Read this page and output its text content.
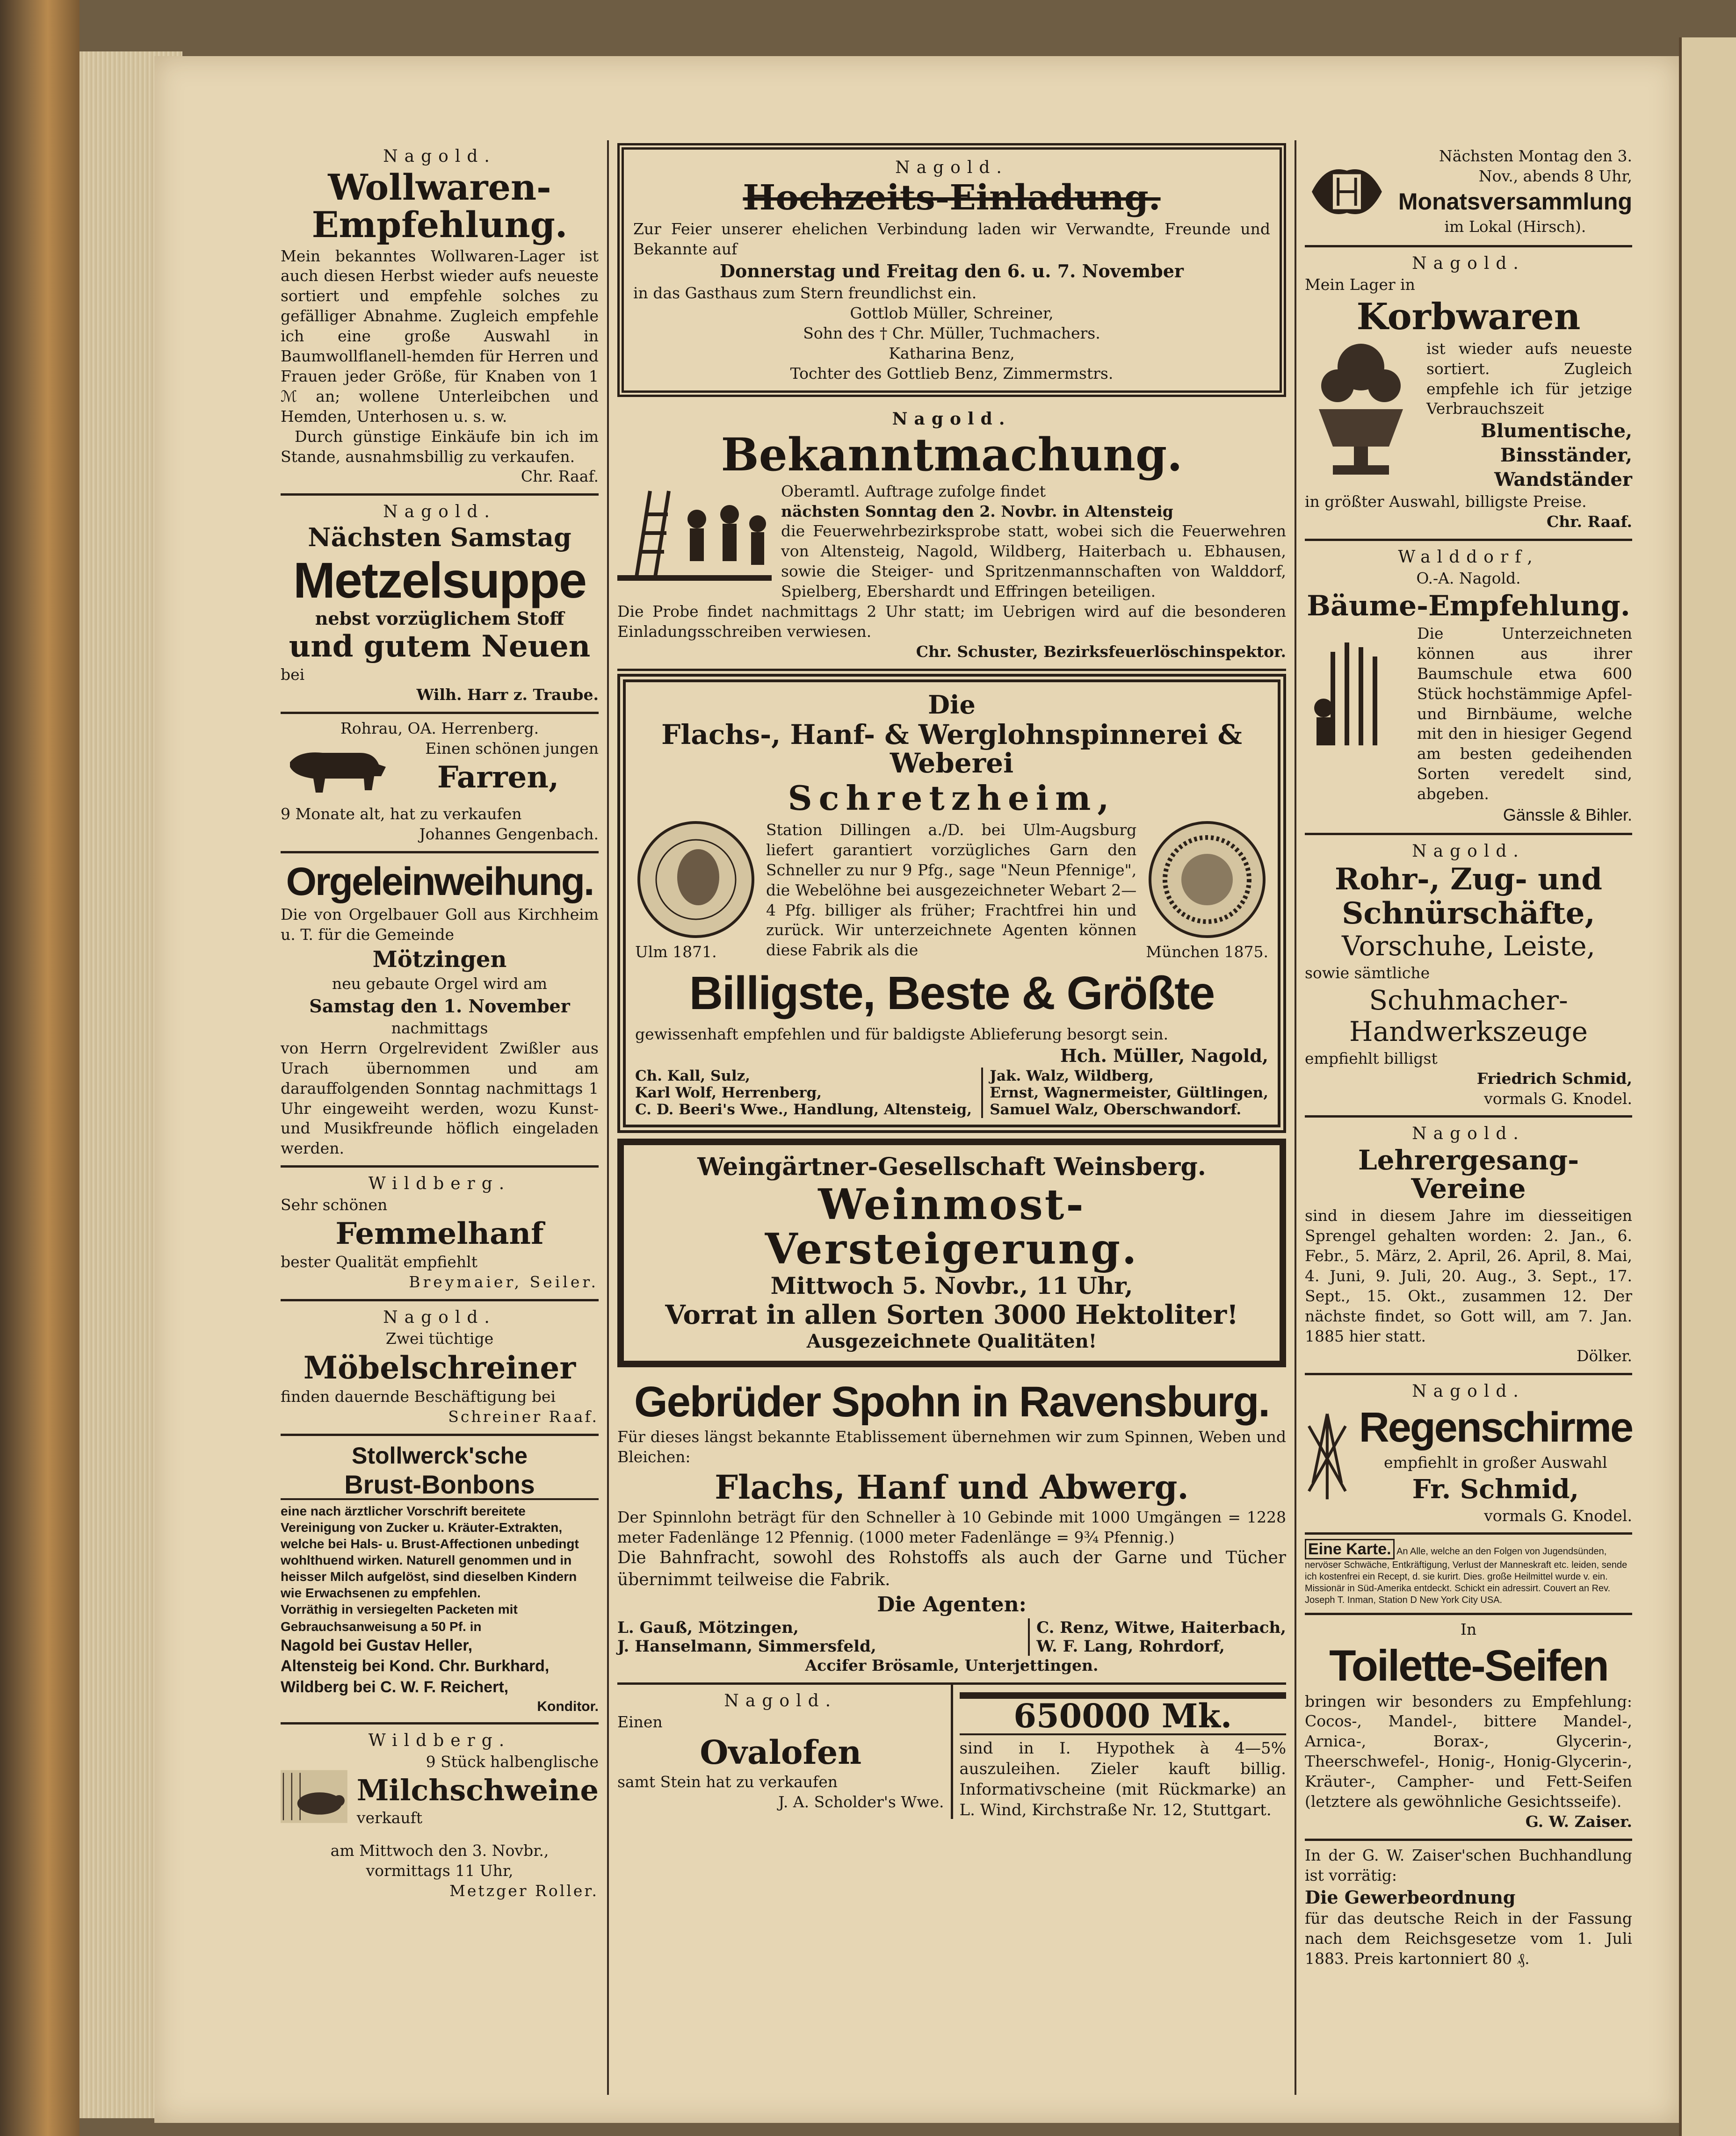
Nagold.
Wollwaren-Empfehlung.
Mein bekanntes Wollwaren-Lager ist auch diesen Herbst wieder aufs neueste sortiert und empfehle solches zu gefälliger Abnahme. Zugleich empfehle ich eine große Auswahl in Baumwollflanell-hemden für Herren und Frauen jeder Größe, für Knaben von 1 ℳ an; wollene Unterleibchen und Hemden, Unterhosen u. s. w.
Durch günstige Einkäufe bin ich im Stande, ausnahmsbillig zu verkaufen.
Chr. Raaf.
Nagold.
Nächsten Samstag
Metzelsuppe
nebst vorzüglichem Stoff
und gutem Neuen
bei
Wilh. Harr z. Traube.
Rohrau, OA. Herrenberg.
Einen schönen jungen
Farren,
9 Monate alt, hat zu verkaufen
Johannes Gengenbach.
Orgeleinweihung.
Die von Orgelbauer Goll aus Kirchheim u. T. für die Gemeinde
Mötzingen
neu gebaute Orgel wird am
Samstag den 1. November
nachmittags
von Herrn Orgelrevident Zwißler aus Urach übernommen und am darauffolgenden Sonntag nachmittags 1 Uhr eingeweiht werden, wozu Kunst- und Musikfreunde höflich eingeladen werden.
Wildberg.
Sehr schönen
Femmelhanf
bester Qualität empfiehlt
Breymaier, Seiler.
Nagold.
Zwei tüchtige
Möbelschreiner
finden dauernde Beschäftigung bei
Schreiner Raaf.
Stollwerck'sche
Brust-Bonbons
eine nach ärztlicher Vorschrift bereitete Vereinigung von Zucker u. Kräuter-Extrakten, welche bei Hals- u. Brust-Affectionen unbedingt wohlthuend wirken. Naturell genommen und in heisser Milch aufgelöst, sind dieselben Kindern wie Erwachsenen zu empfehlen.
Vorräthig in versiegelten Packeten mit Gebrauchsanweisung a 50 Pf. in
Nagold bei Gustav Heller,
Altensteig bei Kond. Chr. Burkhard,
Wildberg bei C. W. F. Reichert,
Konditor.
Wildberg.
9 Stück halbenglische
Milchschweine
verkauft
am Mittwoch den 3. Novbr.,
vormittags 11 Uhr,
Metzger Roller.
Nagold.
Hochzeits-Einladung.
Zur Feier unserer ehelichen Verbindung laden wir Verwandte, Freunde und Bekannte auf
Donnerstag und Freitag den 6. u. 7. November
in das Gasthaus zum Stern freundlichst ein.
Gottlob Müller, Schreiner,
Sohn des † Chr. Müller, Tuchmachers.
Katharina Benz,
Tochter des Gottlieb Benz, Zimmermstrs.
Nagold.
Bekanntmachung.
Oberamtl. Auftrage zufolge findet
nächsten Sonntag den 2. Novbr. in Altensteig
die Feuerwehrbezirksprobe statt, wobei sich die Feuerwehren von Altensteig, Nagold, Wildberg, Haiterbach u. Ebhausen, sowie die Steiger- und Spritzenmannschaften von Walddorf, Spielberg, Ebershardt und Effringen beteiligen.
Die Probe findet nachmittags 2 Uhr statt; im Uebrigen wird auf die besonderen Einladungsschreiben verwiesen.
Chr. Schuster, Bezirksfeuerlöschinspektor.
Die
Flachs-, Hanf- & Werglohnspinnerei & Weberei
Schretzheim,
Ulm 1871.
Station Dillingen a./D. bei Ulm-Augsburg liefert garantiert vorzügliches Garn den Schneller zu nur 9 Pfg., sage "Neun Pfennige", die Webelöhne bei ausgezeichneter Webart 2—4 Pfg. billiger als früher; Frachtfrei hin und zurück. Wir unterzeichnete Agenten können diese Fabrik als die	München 1875.
Billigste, Beste & Größte
gewissenhaft empfehlen und für baldigste Ablieferung besorgt sein.
Hch. Müller, Nagold,
Ch. Kall, Sulz,
Karl Wolf, Herrenberg,
C. D. Beeri's Wwe., Handlung, Altensteig,
Jak. Walz, Wildberg,
Ernst, Wagnermeister, Gültlingen,
Samuel Walz, Oberschwandorf.
Weingärtner-Gesellschaft Weinsberg.
Weinmost-Versteigerung.
Mittwoch 5. Novbr., 11 Uhr,
Vorrat in allen Sorten 3000 Hektoliter!
Ausgezeichnete Qualitäten!
Gebrüder Spohn in Ravensburg.
Für dieses längst bekannte Etablissement übernehmen wir zum Spinnen, Weben und Bleichen:
Flachs, Hanf und Abwerg.
Der Spinnlohn beträgt für den Schneller à 10 Gebinde mit 1000 Umgängen = 1228 meter Fadenlänge 12 Pfennig. (1000 meter Fadenlänge = 9¾ Pfennig.)
Die Bahnfracht, sowohl des Rohstoffs als auch der Garne und Tücher übernimmt teilweise die Fabrik.
Die Agenten:
L. Gauß, Mötzingen,
J. Hanselmann, Simmersfeld,
C. Renz, Witwe, Haiterbach,
W. F. Lang, Rohrdorf,
Accifer Brösamle, Unterjettingen.
Nagold.
Einen
Ovalofen
samt Stein hat zu verkaufen
J. A. Scholder's Wwe.
650000 Mk.
sind in I. Hypothek à 4—5% auszuleihen. Zieler kauft billig. Informativscheine (mit Rückmarke) an L. Wind, Kirchstraße Nr. 12, Stuttgart.
Nächsten Montag den 3. Nov., abends 8 Uhr,
Monatsversammlung
im Lokal (Hirsch).
Nagold.
Mein Lager in
Korbwaren
ist wieder aufs neueste sortiert. Zugleich empfehle ich für jetzige Verbrauchszeit
Blumentische,
Binsständer,
Wandständer
in größter Auswahl, billigste Preise.
Chr. Raaf.
Walddorf,
O.-A. Nagold.
Bäume-Empfehlung.
Die Unterzeichneten können aus ihrer Baumschule etwa 600 Stück hochstämmige Apfel- und Birnbäume, welche mit den in hiesiger Gegend am besten gedeihenden Sorten veredelt sind, abgeben.
Gänssle & Bihler.
Nagold.
Rohr-, Zug- und
Schnürschäfte,
Vorschuhe, Leiste,
sowie sämtliche
Schuhmacher-
Handwerkszeuge
empfiehlt billigst
Friedrich Schmid,
vormals G. Knodel.
Nagold.
Lehrergesang-Vereine
sind in diesem Jahre im diesseitigen Sprengel gehalten worden: 2. Jan., 6. Febr., 5. März, 2. April, 26. April, 8. Mai, 4. Juni, 9. Juli, 20. Aug., 3. Sept., 17. Sept., 15. Okt., zusammen 12. Der nächste findet, so Gott will, am 7. Jan. 1885 hier statt.
Dölker.
Nagold.
Regenschirme
empfiehlt in großer Auswahl
Fr. Schmid,
vormals G. Knodel.
Eine Karte. An Alle, welche an den Folgen von Jugendsünden, nervöser Schwäche, Entkräftigung, Verlust der Manneskraft etc. leiden, sende ich kostenfrei ein Recept, d. sie kurirt. Dies. große Heilmittel wurde v. ein. Missionär in Süd-Amerika entdeckt. Schickt ein adressirt. Couvert an Rev. Joseph T. Inman, Station D New York City USA.
In
Toilette-Seifen
bringen wir besonders zu Empfehlung: Cocos-, Mandel-, bittere Mandel-, Arnica-, Borax-, Glycerin-, Theerschwefel-, Honig-, Honig-Glycerin-, Kräuter-, Campher- und Fett-Seifen (letztere als gewöhnliche Gesichtsseife).
G. W. Zaiser.
In der G. W. Zaiser'schen Buchhandlung ist vorrätig:
Die Gewerbeordnung
für das deutsche Reich in der Fassung nach dem Reichsgesetze vom 1. Juli 1883. Preis kartonniert 80 ₰.
